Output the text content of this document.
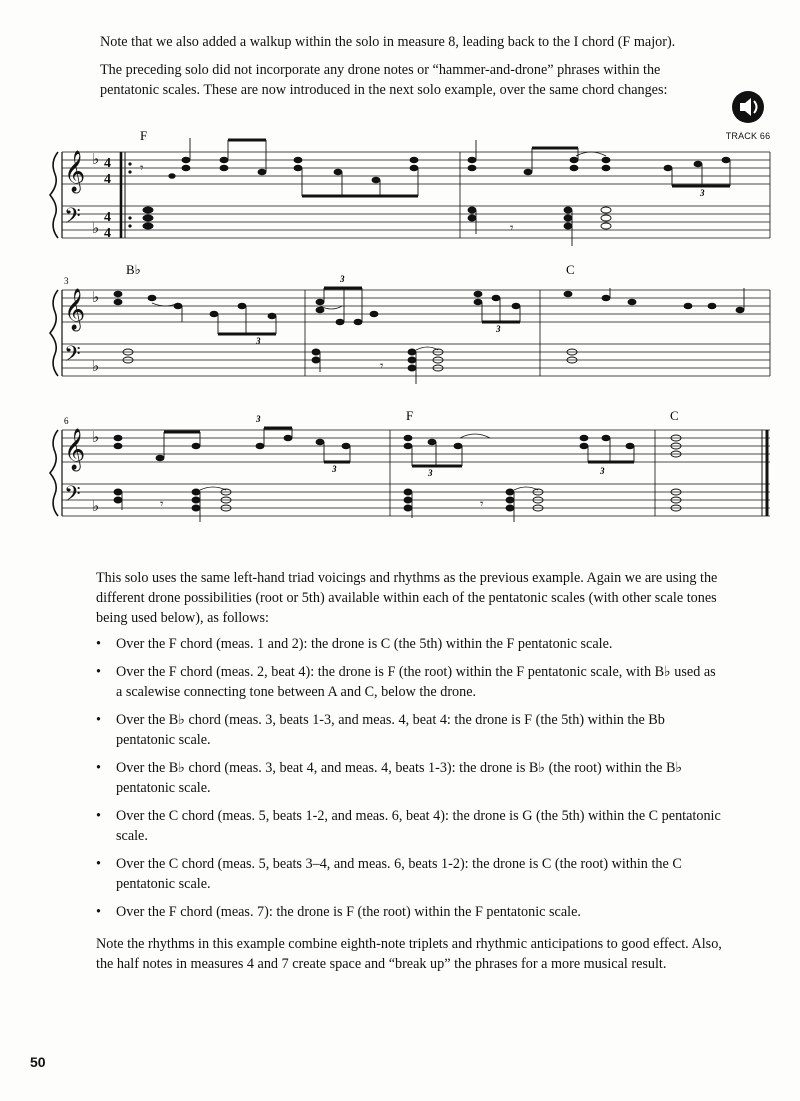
Note that we also added a walkup within the solo in measure 8, leading back to the I chord (F major).

The preceding solo did not incorporate any drone notes or “hammer-and-drone” phrases within the pentatonic scales. These are now introduced in the next solo example, over the same chord changes:

TRACK 66
𝄞
𝄢
𝄞
𝄢
𝄞
𝄢
♭
♭
♭
♭
♭
♭
4
4
4
4
F
3
B♭	C
6	F	C
𝄾
𝄾
𝄾
𝄾	𝄾
3
3
3
3
3
3	3	3

This solo uses the same left-hand triad voicings and rhythms as the previous example. Again we are using the different drone possibilities (root or 5th) available within each of the pentatonic scales (with other scale tones being used below), as follows:

• Over the F chord (meas. 1 and 2): the drone is C (the 5th) within the F pentatonic scale.
• Over the F chord (meas. 2, beat 4): the drone is F (the root) within the F pentatonic scale, with B♭ used as a scalewise connecting tone between A and C, below the drone.
• Over the B♭ chord (meas. 3, beats 1-3, and meas. 4, beat 4: the drone is F (the 5th) within the Bb pentatonic scale.
• Over the B♭ chord (meas. 3, beat 4, and meas. 4, beats 1-3): the drone is B♭ (the root) within the B♭ pentatonic scale.
• Over the C chord (meas. 5, beats 1-2, and meas. 6, beat 4): the drone is G (the 5th) within the C pentatonic scale.
• Over the C chord (meas. 5, beats 3–4, and meas. 6, beats 1-2): the drone is C (the root) within the C pentatonic scale.
• Over the F chord (meas. 7): the drone is F (the root) within the F pentatonic scale.

Note the rhythms in this example combine eighth-note triplets and rhythmic anticipations to good effect. Also, the half notes in measures 4 and 7 create space and “break up” the phrases for a more musical result.

50
